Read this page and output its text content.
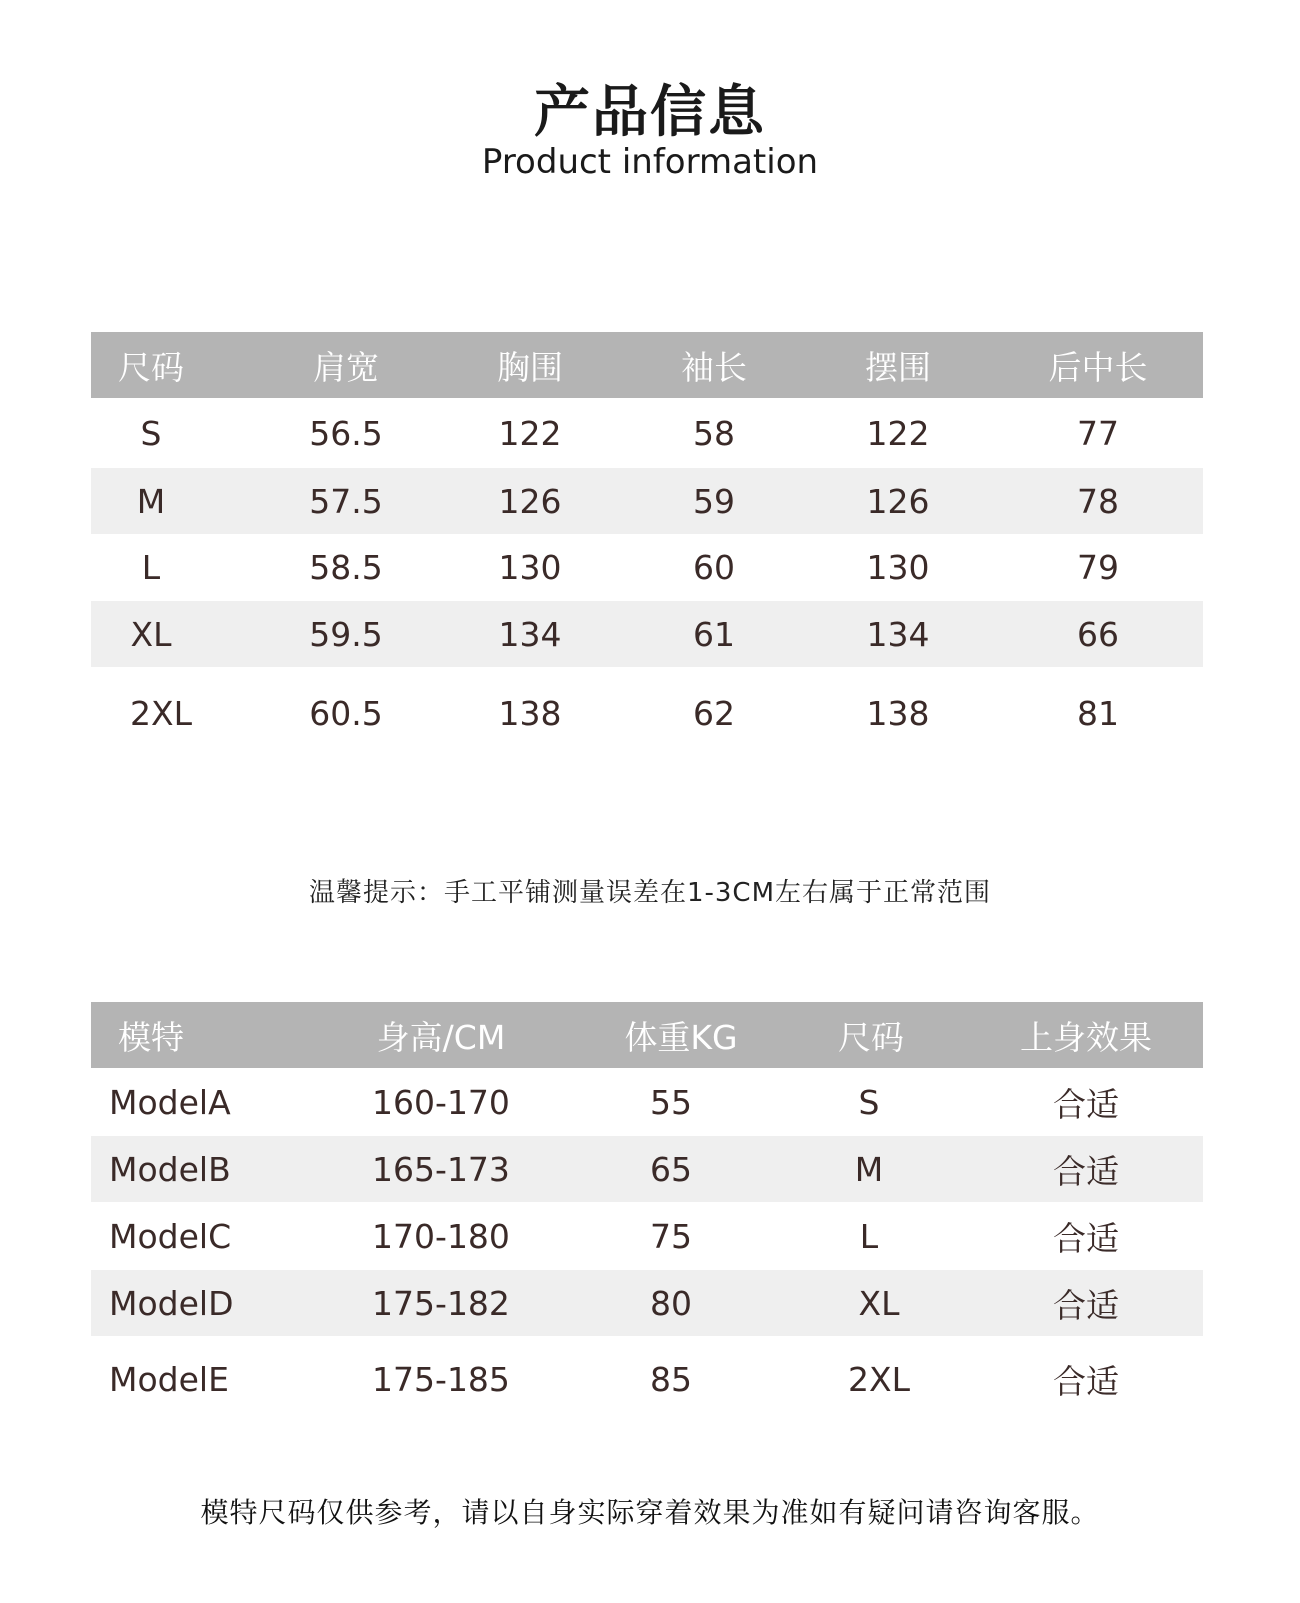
产品信息
Product information
尺码	肩宽	胸围	袖长	摆围	后中长
S	56.5	122	58	122	77
M	57.5	126	59	126	78
L	58.5	130	60	130	79
XL	59.5	134	61	134	66
2XL	60.5	138	62	138	81
温馨提示：手工平铺测量误差在1-3CM左右属于正常范围
模特	身高/CM	体重KG	尺码	上身效果
ModelA	160-170	55	S	合适
ModelB	165-173	65	M	合适
ModelC	170-180	75	L	合适
ModelD	175-182	80	XL	合适
ModelE	175-185	85	2XL	合适
模特尺码仅供参考，请以自身实际穿着效果为准如有疑问请咨询客服。
